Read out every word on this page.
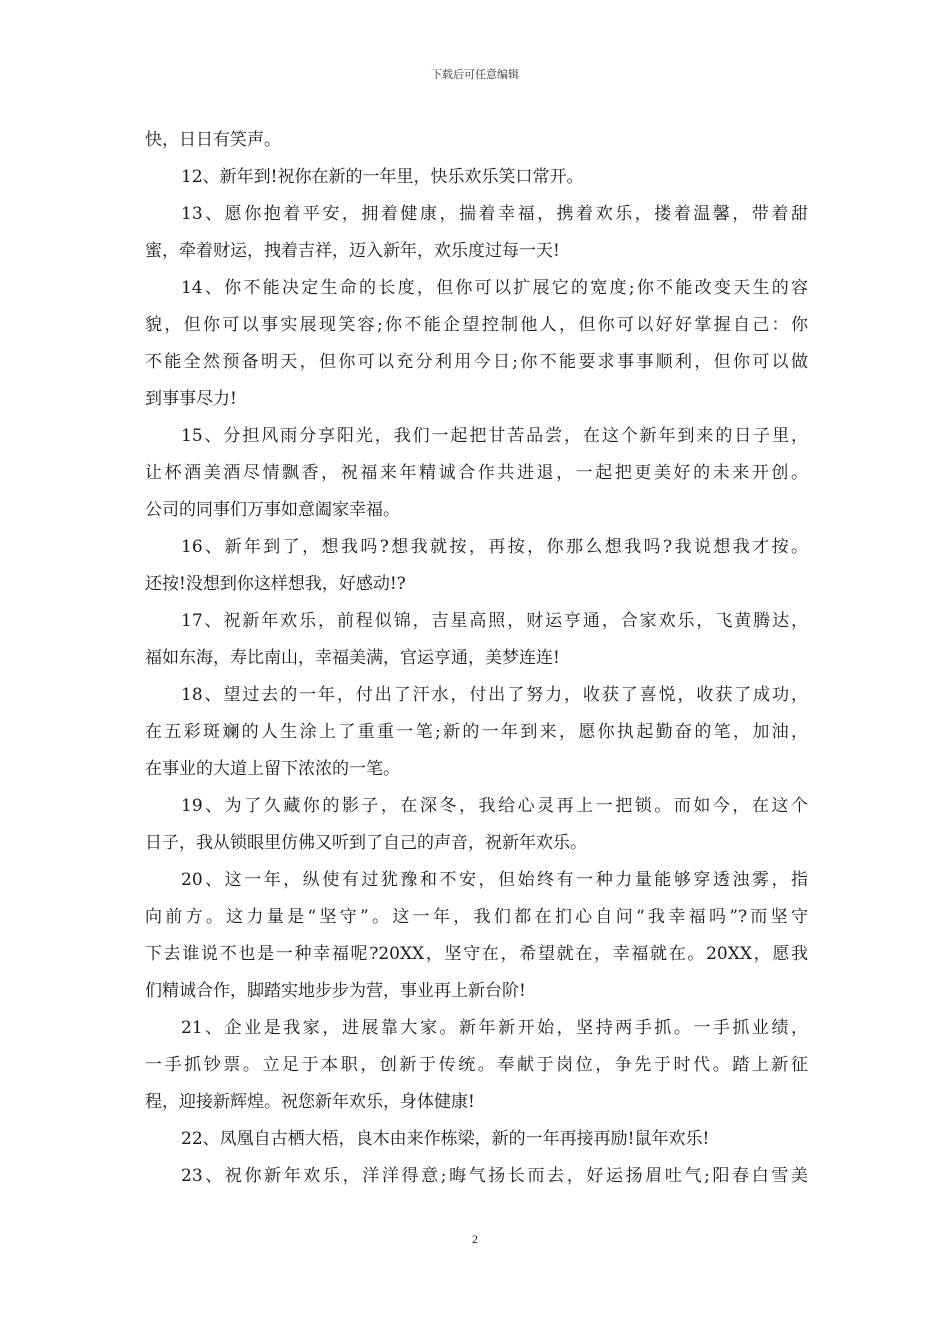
下载后可任意编辑
快，日日有笑声。
12、新年到!祝你在新的一年里，快乐欢乐笑口常开。
13、愿你抱着平安，拥着健康，揣着幸福，携着欢乐，搂着温馨，带着甜
蜜，牵着财运，拽着吉祥，迈入新年，欢乐度过每一天!
14、你不能决定生命的长度，但你可以扩展它的宽度;你不能改变天生的容
貌，但你可以事实展现笑容;你不能企望控制他人，但你可以好好掌握自己：你
不能全然预备明天，但你可以充分利用今日;你不能要求事事顺利，但你可以做
到事事尽力!
15、分担风雨分享阳光，我们一起把甘苦品尝，在这个新年到来的日子里，
让杯酒美酒尽情飘香，祝福来年精诚合作共进退，一起把更美好的未来开创。
公司的同事们万事如意阖家幸福。
16、新年到了，想我吗?想我就按，再按，你那么想我吗?我说想我才按。
还按!没想到你这样想我，好感动!?
17、祝新年欢乐，前程似锦，吉星高照，财运亨通，合家欢乐，飞黄腾达，
福如东海，寿比南山，幸福美满，官运亨通，美梦连连!
18、望过去的一年，付出了汗水，付出了努力，收获了喜悦，收获了成功，
在五彩斑斓的人生涂上了重重一笔;新的一年到来，愿你执起勤奋的笔，加油，
在事业的大道上留下浓浓的一笔。
19、为了久藏你的影子，在深冬，我给心灵再上一把锁。而如今，在这个
日子，我从锁眼里仿佛又听到了自己的声音，祝新年欢乐。
20、这一年，纵使有过犹豫和不安，但始终有一种力量能够穿透浊雾，指
向前方。这力量是“坚守”。这一年，我们都在扪心自问“我幸福吗”?而坚守
下去谁说不也是一种幸福呢?20XX，坚守在，希望就在，幸福就在。20XX，愿我
们精诚合作，脚踏实地步步为营，事业再上新台阶!
21、企业是我家，进展靠大家。新年新开始，坚持两手抓。一手抓业绩，
一手抓钞票。立足于本职，创新于传统。奉献于岗位，争先于时代。踏上新征
程，迎接新辉煌。祝您新年欢乐，身体健康!
22、凤凰自古栖大梧，良木由来作栋梁，新的一年再接再励!鼠年欢乐!
23、祝你新年欢乐，洋洋得意;晦气扬长而去，好运扬眉吐气;阳春白雪美
2
